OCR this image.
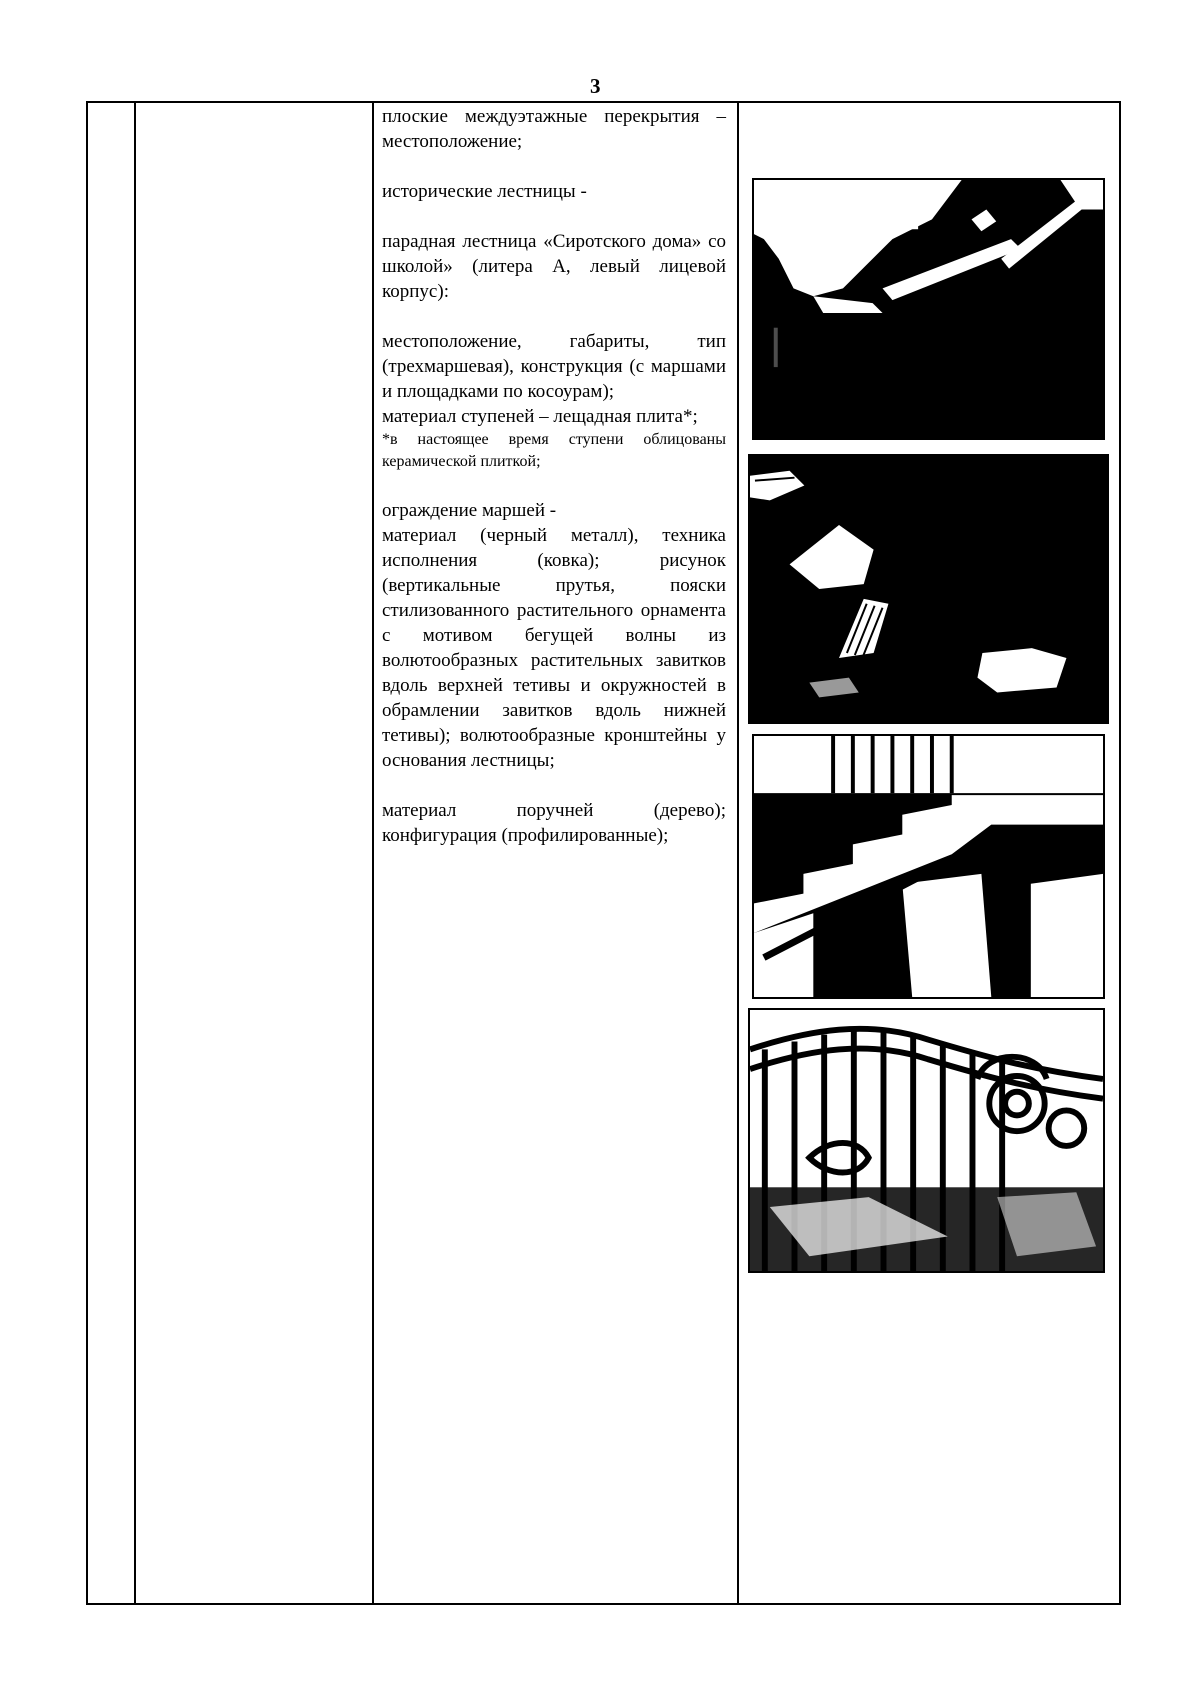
3

плоские междуэтажные перекрытия – местоположение;

исторические лестницы -

парадная лестница «Сиротского дома» со школой» (литера А, левый лицевой корпус):

местоположение, габариты, тип (трехмаршевая), конструкция (с маршами и площадками по косоурам);

материал ступеней – лещадная плита*;

*в настоящее время ступени облицованы керамической плиткой;

ограждение маршей -

материал (черный металл), техника исполнения (ковка); рисунок (вертикальные прутья, пояски стилизованного растительного орнамента с мотивом бегущей волны из волютообразных растительных завитков вдоль верхней тетивы и окружностей в обрамлении завитков вдоль нижней тетивы); волютообразные кронштейны у основания лестницы;

материал поручней (дерево); конфигурация (профилированные);
